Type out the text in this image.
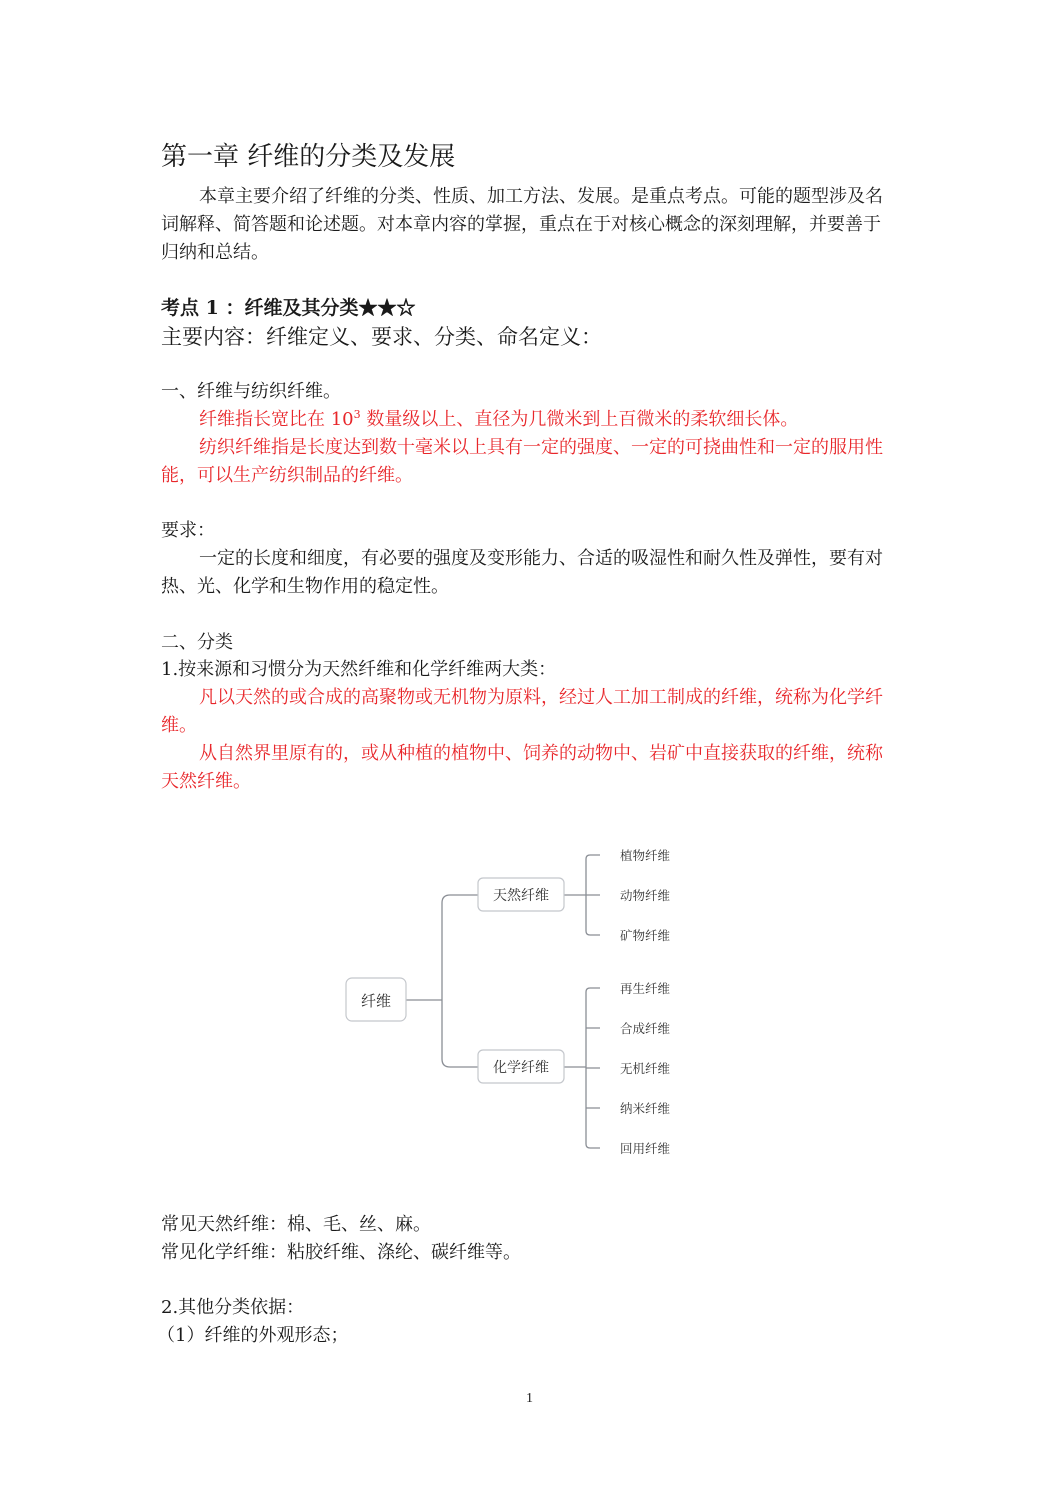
第一章 纤维的分类及发展
本章主要介绍了纤维的分类、性质、加工方法、发展。是重点考点。可能的题型涉及名
词解释、简答题和论述题。对本章内容的掌握，重点在于对核心概念的深刻理解，并要善于
归纳和总结。
考点 1 ：纤维及其分类★★☆
主要内容：纤维定义、要求、分类、命名定义：
一、纤维与纺织纤维。
纤维指长宽比在 $10^3$ 数量级以上、直径为几微米到上百微米的柔软细长体。
纺织纤维指是长度达到数十毫米以上具有一定的强度、一定的可挠曲性和一定的服用性
能，可以生产纺织制品的纤维。
要求：
一定的长度和细度，有必要的强度及变形能力、合适的吸湿性和耐久性及弹性，要有对
热、光、化学和生物作用的稳定性。
二、分类
1.按来源和习惯分为天然纤维和化学纤维两大类：
凡以天然的或合成的高聚物或无机物为原料，经过人工加工制成的纤维，统称为化学纤
维。
从自然界里原有的，或从种植的植物中、饲养的动物中、岩矿中直接获取的纤维，统称
天然纤维。
纤维
天然纤维
化学纤维
植物纤维
动物纤维
矿物纤维
再生纤维
合成纤维
无机纤维
纳米纤维
回用纤维
常见天然纤维：棉、毛、丝、麻。
常见化学纤维：粘胶纤维、涤纶、碳纤维等。
2.其他分类依据：
（1）纤维的外观形态；
1
